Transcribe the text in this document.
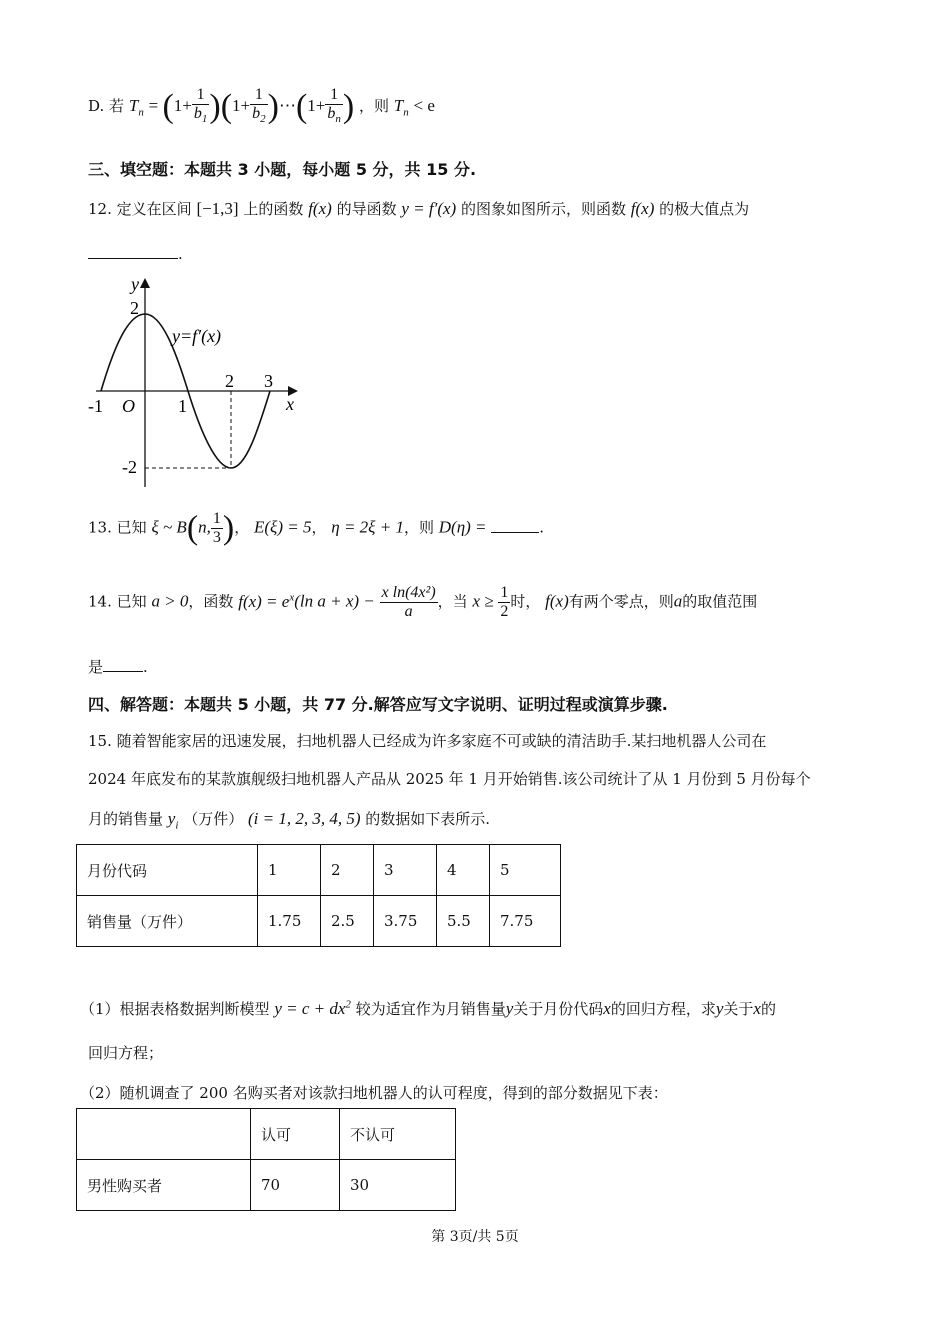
D. 若 $T_n = (1+ \frac{1}{b_1} )(1+ \frac{1}{b_2}$ )⋯(1+ $\frac{1}{b_n}$ ) ，则 $T_n < e$
三、填空题：本题共 3 小题，每小题 5 分，共 15 分.
12. 定义在区间 [−1,3] 上的函数 f(x) 的导函数 y = f′(x) 的图象如图所示，则函数 f(x) 的极大值点为
.
y
x
O
2
-2
-1	1
2 3
y=f′(x)
13. 已知 ξ ~ B(n, $\frac{1}{3}$ )， E(ξ) = 5， η = 2ξ + 1，则 D(η) =	.
14. 已知 a > 0，函数 $f(x) = e^x(\ln$ $a + x) - \frac{\text{x ln(4x²)}}{a}$ ，当 $x \ge \frac{1}{2}$ 时， f(x)有两个零点，则a的取值范围
是	.
四、解答题：本题共 5 小题，共 77 分.解答应写文字说明、证明过程或演算步骤.
15. 随着智能家居的迅速发展，扫地机器人已经成为许多家庭不可或缺的清洁助手.某扫地机器人公司在
2024 年底发布的某款旗舰级扫地机器人产品从 2025 年 1 月开始销售.该公司统计了从 1 月份到 5 月份每个
月的销售量 $y_i$ （万件） (i = 1, 2, 3, 4, 5) 的数据如下表所示.
月份代码	1	2	3	4	5
销售量（万件）	1.75	2.5	3.75	5.5	7.75
（1）根据表格数据判断模型 $y = c + dx^2$ 较为适宜作为月销售量y关于月份代码x的回归方程，求y关于x的
回归方程；
（2）随机调查了 200 名购买者对该款扫地机器人的认可程度，得到的部分数据见下表：
	认可	不认可
男性购买者	70	30
第 3页/共 5页
